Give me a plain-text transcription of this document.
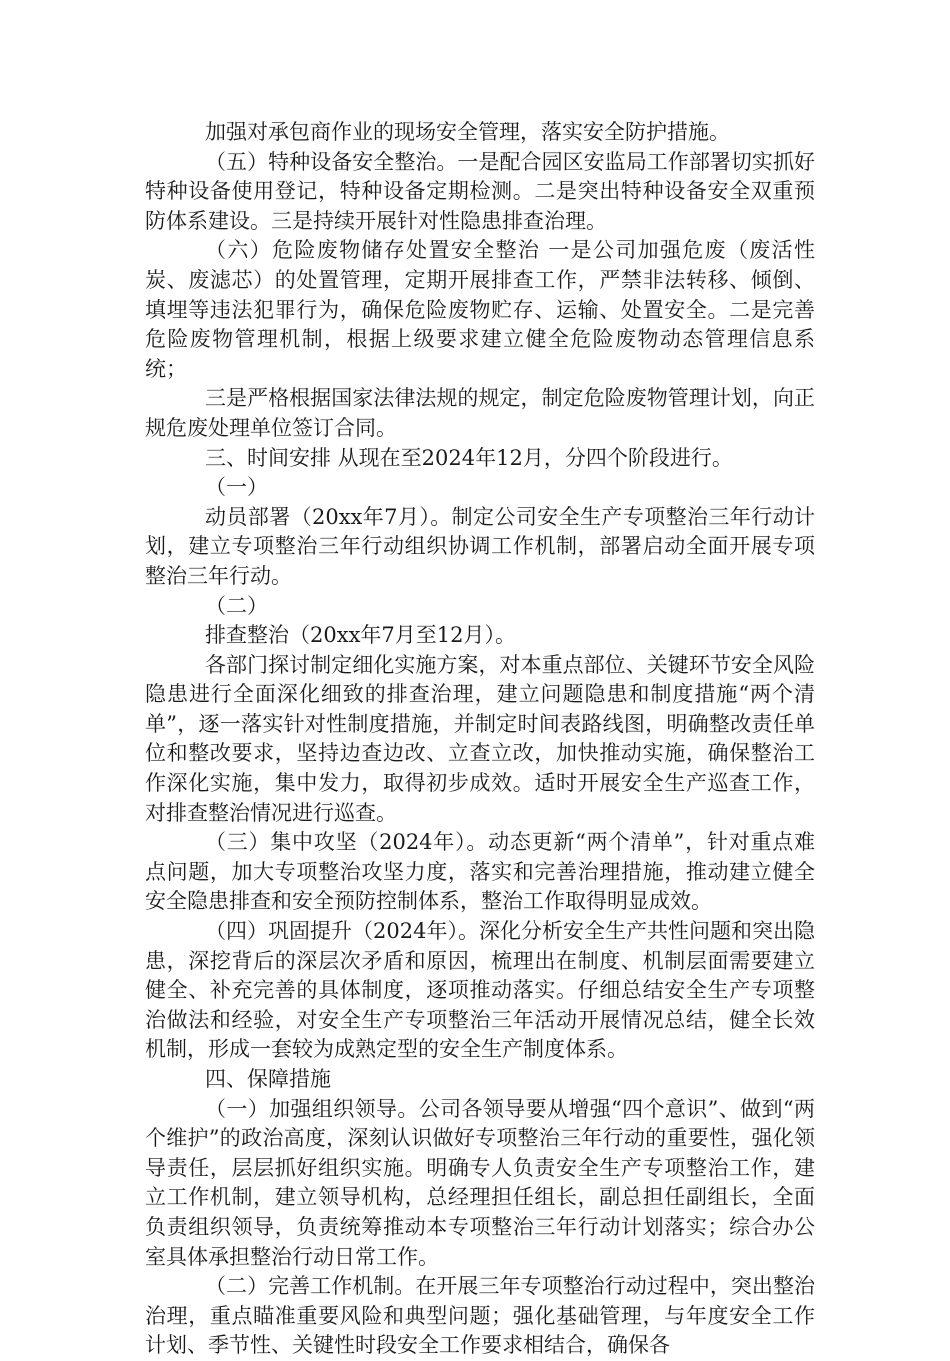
加强对承包商作业的现场安全管理，落实安全防护措施。

（五）特种设备安全整治。一是配合园区安监局工作部署切实抓好特种设备使用登记，特种设备定期检测。二是突出特种设备安全双重预防体系建设。三是持续开展针对性隐患排查治理。

（六）危险废物储存处置安全整治 一是公司加强危废（废活性炭、废滤芯）的处置管理，定期开展排查工作，严禁非法转移、倾倒、填埋等违法犯罪行为，确保危险废物贮存、运输、处置安全。二是完善危险废物管理机制，根据上级要求建立健全危险废物动态管理信息系统；

三是严格根据国家法律法规的规定，制定危险废物管理计划，向正规危废处理单位签订合同。

三、时间安排 从现在至2024年12月，分四个阶段进行。

（一）

动员部署（20xx年7月）。制定公司安全生产专项整治三年行动计划，建立专项整治三年行动组织协调工作机制，部署启动全面开展专项整治三年行动。

（二）

排查整治（20xx年7月至12月）。

各部门探讨制定细化实施方案，对本重点部位、关键环节安全风险隐患进行全面深化细致的排查治理，建立问题隐患和制度措施“两个清单”，逐一落实针对性制度措施，并制定时间表路线图，明确整改责任单位和整改要求，坚持边查边改、立查立改，加快推动实施，确保整治工作深化实施，集中发力，取得初步成效。适时开展安全生产巡查工作，对排查整治情况进行巡查。

（三）集中攻坚（2024年）。动态更新“两个清单”，针对重点难点问题，加大专项整治攻坚力度，落实和完善治理措施，推动建立健全安全隐患排查和安全预防控制体系，整治工作取得明显成效。

（四）巩固提升（2024年）。深化分析安全生产共性问题和突出隐患，深挖背后的深层次矛盾和原因，梳理出在制度、机制层面需要建立健全、补充完善的具体制度，逐项推动落实。仔细总结安全生产专项整治做法和经验，对安全生产专项整治三年活动开展情况总结，健全长效机制，形成一套较为成熟定型的安全生产制度体系。

四、保障措施

（一）加强组织领导。公司各领导要从增强“四个意识”、做到“两个维护”的政治高度，深刻认识做好专项整治三年行动的重要性，强化领导责任，层层抓好组织实施。明确专人负责安全生产专项整治工作，建立工作机制，建立领导机构，总经理担任组长，副总担任副组长，全面负责组织领导，负责统筹推动本专项整治三年行动计划落实；综合办公室具体承担整治行动日常工作。

（二）完善工作机制。在开展三年专项整治行动过程中，突出整治治理，重点瞄准重要风险和典型问题；强化基础管理，与年度安全工作计划、季节性、关键性时段安全工作要求相结合，确保各
